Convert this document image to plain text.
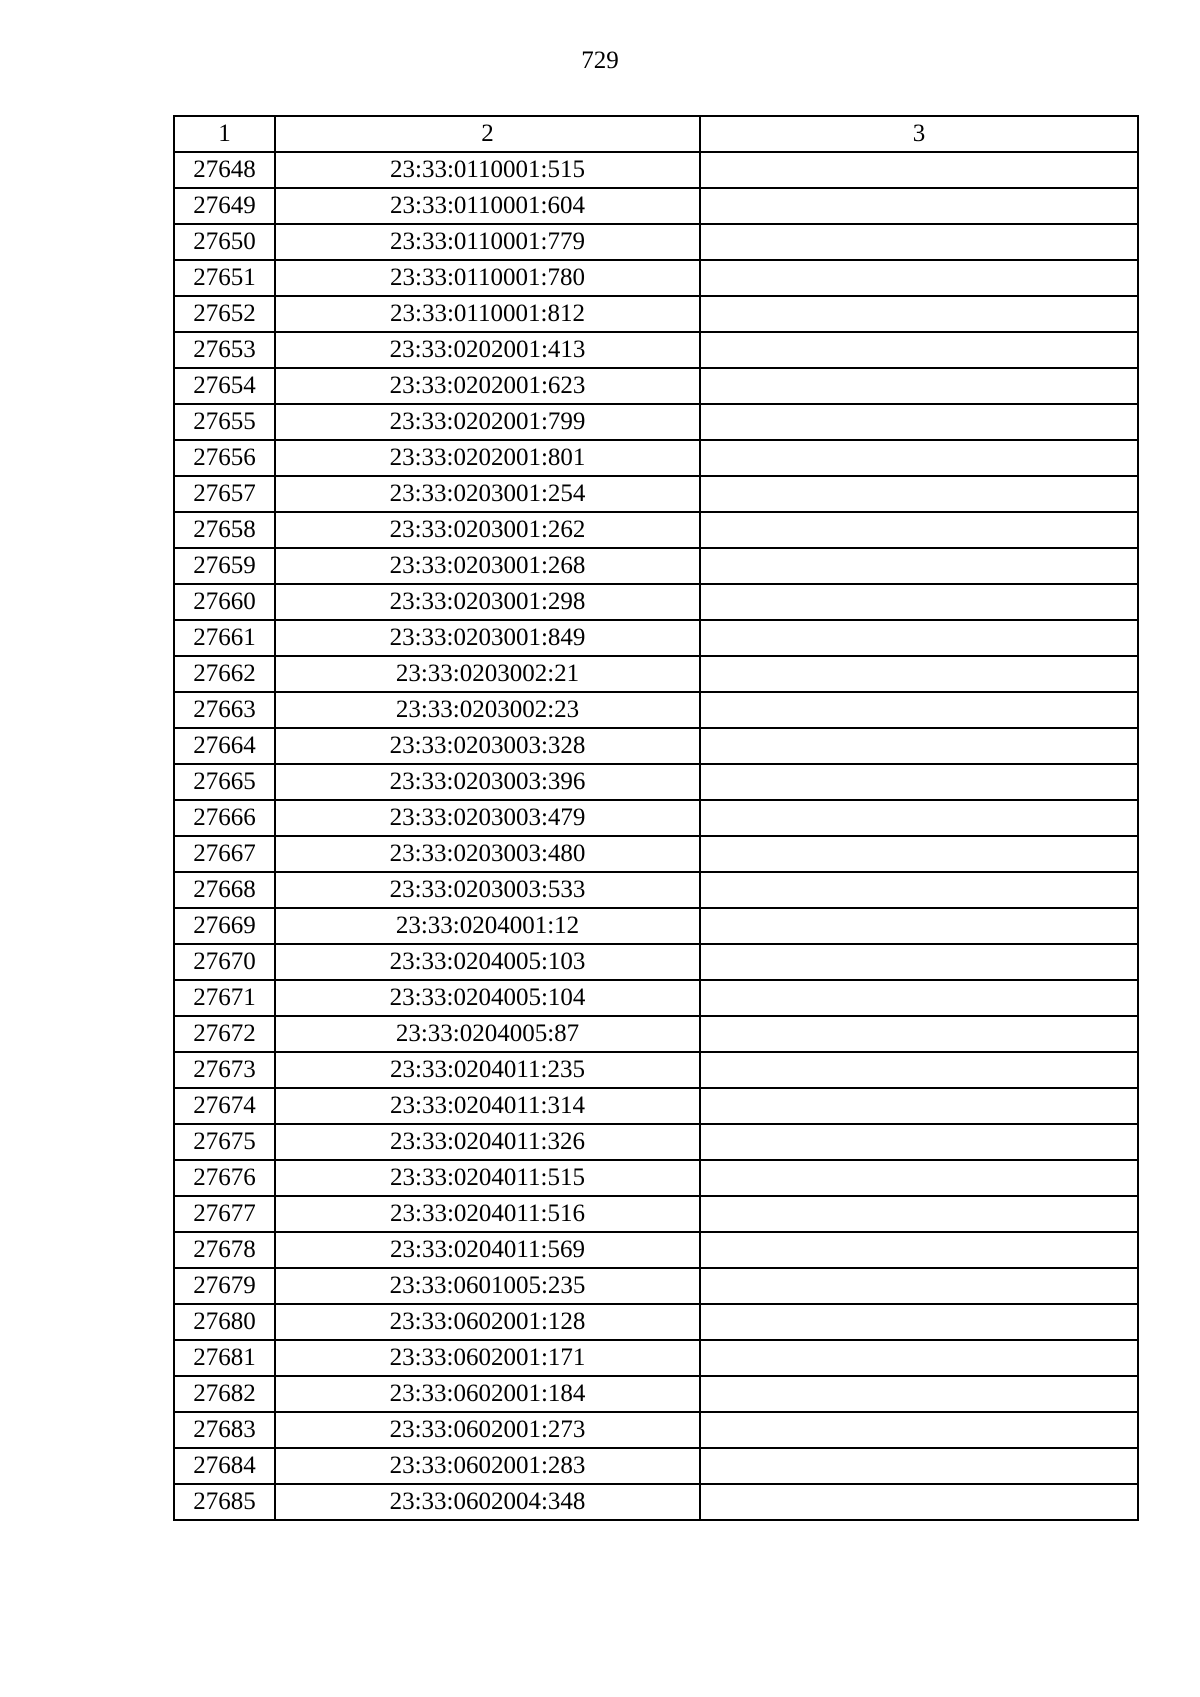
729
1	2	3
27648	23:33:0110001:515	
27649	23:33:0110001:604	
27650	23:33:0110001:779	
27651	23:33:0110001:780	
27652	23:33:0110001:812	
27653	23:33:0202001:413	
27654	23:33:0202001:623	
27655	23:33:0202001:799	
27656	23:33:0202001:801	
27657	23:33:0203001:254	
27658	23:33:0203001:262	
27659	23:33:0203001:268	
27660	23:33:0203001:298	
27661	23:33:0203001:849	
27662	23:33:0203002:21	
27663	23:33:0203002:23	
27664	23:33:0203003:328	
27665	23:33:0203003:396	
27666	23:33:0203003:479	
27667	23:33:0203003:480	
27668	23:33:0203003:533	
27669	23:33:0204001:12	
27670	23:33:0204005:103	
27671	23:33:0204005:104	
27672	23:33:0204005:87	
27673	23:33:0204011:235	
27674	23:33:0204011:314	
27675	23:33:0204011:326	
27676	23:33:0204011:515	
27677	23:33:0204011:516	
27678	23:33:0204011:569	
27679	23:33:0601005:235	
27680	23:33:0602001:128	
27681	23:33:0602001:171	
27682	23:33:0602001:184	
27683	23:33:0602001:273	
27684	23:33:0602001:283	
27685	23:33:0602004:348	
